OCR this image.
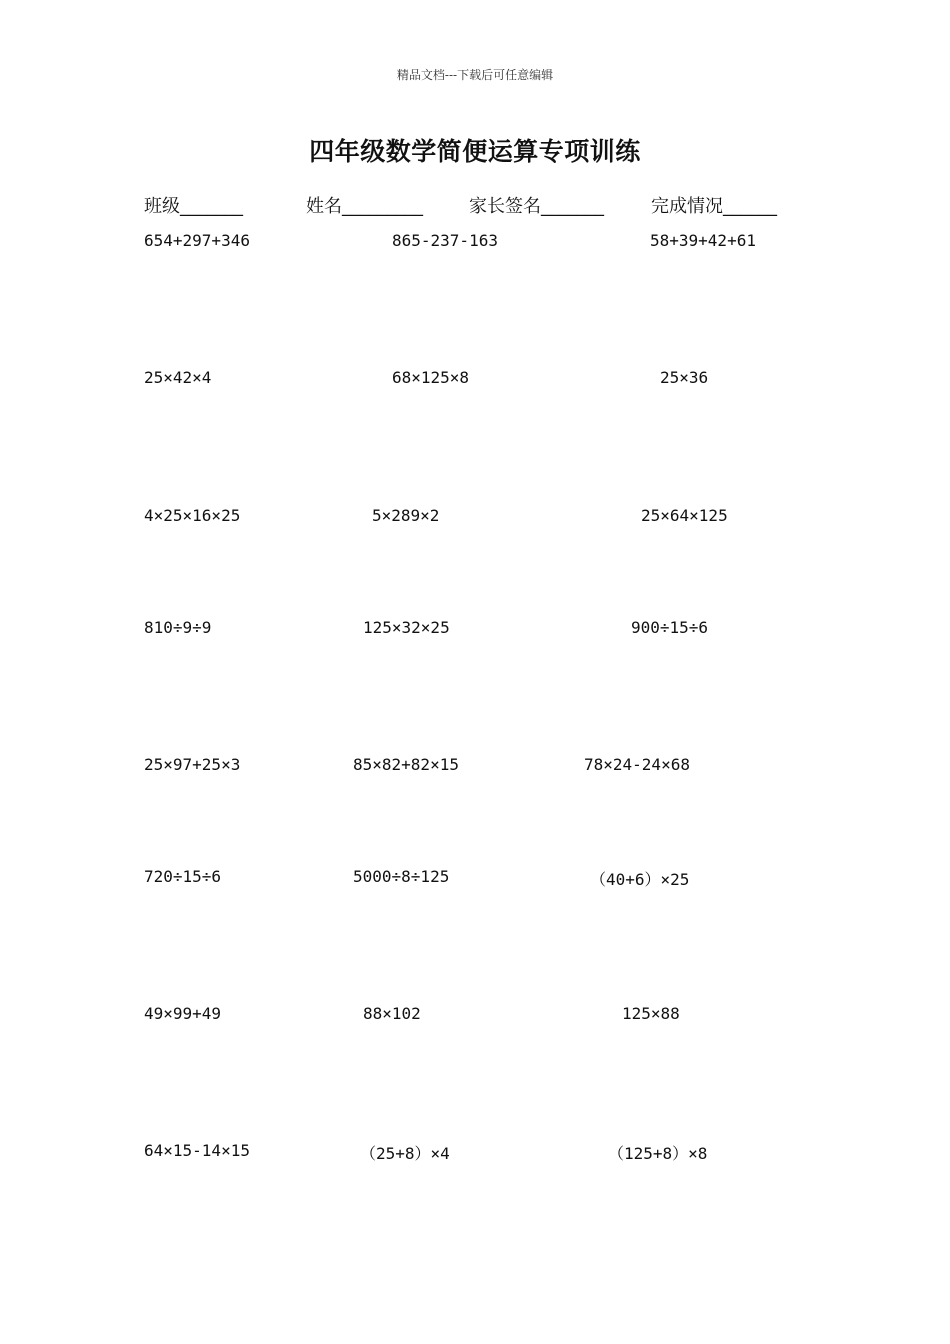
精品文档---下载后可任意编辑
四年级数学简便运算专项训练
班级_______	姓名_________	家长签名_______	完成情况______
654+297+346	865-237-163	58+39+42+61
25×42×4	68×125×8	25×36
4×25×16×25	5×289×2	25×64×125
810÷9÷9	125×32×25	900÷15÷6
25×97+25×3	85×82+82×15	78×24-24×68
720÷15÷6	5000÷8÷125	（40+6）×25
49×99+49	88×102	125×88
64×15-14×15	（25+8）×4	（125+8）×8
